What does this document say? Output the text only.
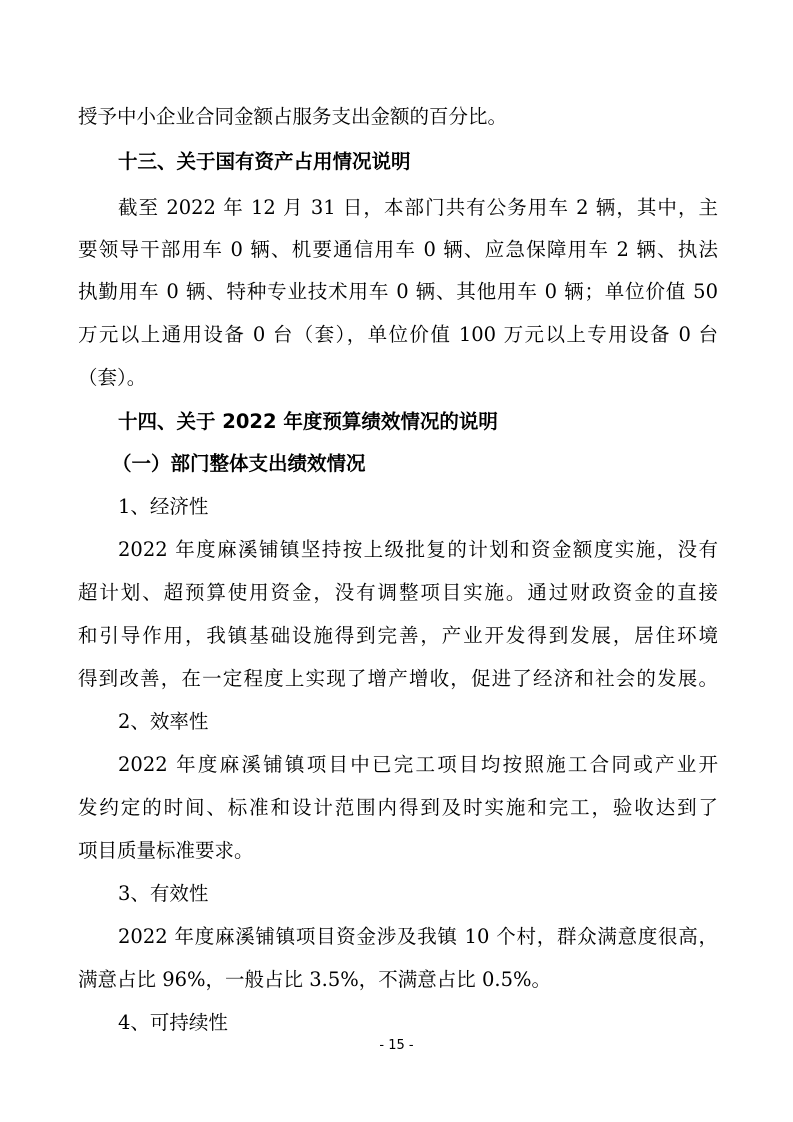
授予中小企业合同金额占服务支出金额的百分比。
十三、关于国有资产占用情况说明
截至 2022 年 12 月 31 日，本部门共有公务用车 2 辆，其中，主
要领导干部用车 0 辆、机要通信用车 0 辆、应急保障用车 2 辆、执法
执勤用车 0 辆、特种专业技术用车 0 辆、其他用车 0 辆；单位价值 50
万元以上通用设备 0 台（套），单位价值 100 万元以上专用设备 0 台
（套）。
十四、关于 2022 年度预算绩效情况的说明
（一）部门整体支出绩效情况
1、经济性
2022 年度麻溪铺镇坚持按上级批复的计划和资金额度实施，没有
超计划、超预算使用资金，没有调整项目实施。通过财政资金的直接
和引导作用，我镇基础设施得到完善，产业开发得到发展，居住环境
得到改善，在一定程度上实现了增产增收，促进了经济和社会的发展。
2、效率性
2022 年度麻溪铺镇项目中已完工项目均按照施工合同或产业开
发约定的时间、标准和设计范围内得到及时实施和完工，验收达到了
项目质量标准要求。
3、有效性
2022 年度麻溪铺镇项目资金涉及我镇 10 个村，群众满意度很高，
满意占比 96%，一般占比 3.5%，不满意占比 0.5%。
4、可持续性
- 15 -
